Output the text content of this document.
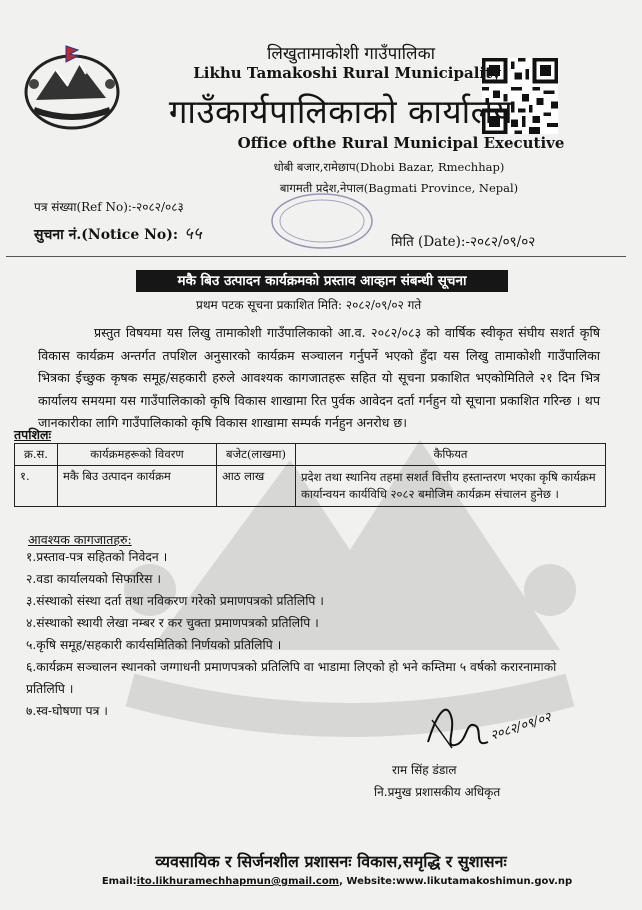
लिखुतामाकोशी गाउँपालिका
Likhu Tamakoshi Rural Municipality
गाउँकार्यपालिकाको कार्यालय
Office ofthe Rural Municipal Executive
धोबी बजार,रामेछाप(Dhobi Bazar, Rmechhap)
बागमती प्रदेश,नेपाल(Bagmati Province, Nepal)
पत्र संख्या(Ref No):-२०८२/०८३
सुचना नं.(Notice No): ५५	मिति (Date):-२०८२/०९/०२
मकै बिउ उत्पादन कार्यक्रमको प्रस्ताव आव्हान संबन्धी सूचना
प्रथम पटक सूचना प्रकाशित मिति: २०८२/०९/०२ गते
प्रस्तुत विषयमा यस लिखु तामाकोशी गाउँपालिकाको आ.व. २०८२/०८३ को वार्षिक स्वीकृत संघीय सशर्त कृषि विकास कार्यक्रम अन्तर्गत तपशिल अनुसारको कार्यक्रम सञ्चालन गर्नुपर्ने भएको हुँदा यस लिखु तामाकोशी गाउँपालिका भित्रका ईच्छुक कृषक समूह/सहकारी हरुले आवश्यक कागजातहरू सहित यो सूचना प्रकाशित भएकोमितिले २१ दिन भित्र कार्यालय समयमा यस गाउँपालिकाको कृषि विकास शाखामा रित पुर्वक आवेदन दर्ता गर्नहुन यो सूचाना प्रकाशित गरिन्छ । थप जानकारीका लागि गाउँपालिकाको कृषि विकास शाखामा सम्पर्क गर्नहुन अनरोध छ।
तपशिलः
क्र.स.	कार्यक्रमहरूको विवरण	बजेट(लाखमा)	कैफियत
१.	मकै बिउ उत्पादन कार्यक्रम	आठ लाख	प्रदेश तथा स्थानिय तहमा सशर्त वित्तीय हस्तान्तरण भएका कृषि कार्यक्रम कार्यान्वयन कार्यविधि २०८२ बमोजिम कार्यक्रम संचालन हुनेछ ।
आवश्यक कागजातहरु:
१.प्रस्ताव-पत्र सहितको निवेदन ।
२.वडा कार्यालयको सिफारिस ।
३.संस्थाको संस्था दर्ता तथा नविकरण गरेको प्रमाणपत्रको प्रतिलिपि ।
४.संस्थाको स्थायी लेखा नम्बर र कर चुक्ता प्रमाणपत्रको प्रतिलिपि ।
५.कृषि समूह/सहकारी कार्यसमितिको निर्णयको प्रतिलिपि ।
६.कार्यक्रम सञ्चालन स्थानको जग्गाधनी प्रमाणपत्रको प्रतिलिपि वा भाडामा लिएको हो भने कम्तिमा ५ वर्षको करारनामाको प्रतिलिपि ।
७.स्व-घोषणा पत्र ।	२०८२/०९/०२
राम सिंह डंडाल
नि.प्रमुख प्रशासकीय अधिकृत
व्यवसायिक र सिर्जनशील प्रशासनः विकास,समृद्धि र सुशासनः
Email:ito.likhuramechhapmun@gmail.com, Website:www.likutamakoshimun.gov.np
